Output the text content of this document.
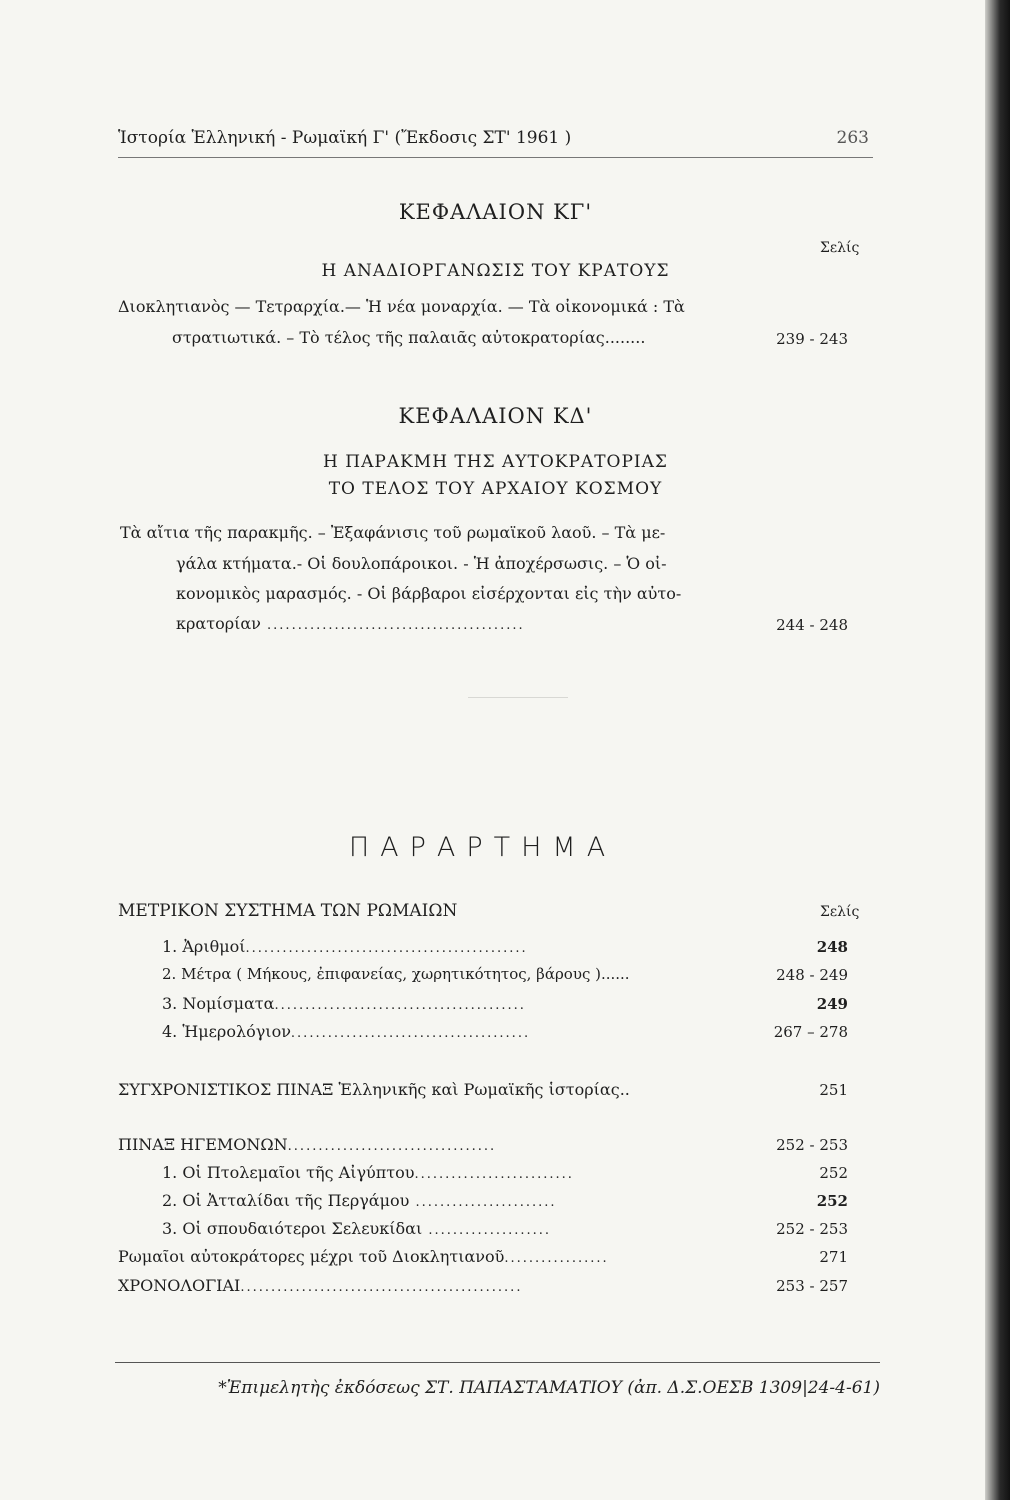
Ἱστορία Ἑλληνική - Ρωμαϊκή Γ' (Ἔκδοσις ΣΤ' 1961 )	263
ΚΕΦΑΛΑΙΟΝ ΚΓ'
Σελίς
Η ΑΝΑΔΙΟΡΓΑΝΩΣΙΣ ΤΟΥ ΚΡΑΤΟΥΣ
Διοκλητιανὸς — Τετραρχία.— Ἡ νέα μοναρχία. — Τὰ οἰκονομικά : Τὰ
στρατιωτικά. – Τὸ τέλος τῆς παλαιᾶς αὐτοκρατορίας........	239 - 243
ΚΕΦΑΛΑΙΟΝ ΚΔ'
Η ΠΑΡΑΚΜΗ ΤΗΣ ΑΥΤΟΚΡΑΤΟΡΙΑΣ
ΤΟ ΤΕΛΟΣ ΤΟΥ ΑΡΧΑΙΟΥ ΚΟΣΜΟΥ
Τὰ αἴτια τῆς παρακμῆς. – Ἐξαφάνισις τοῦ ρωμαϊκοῦ λαοῦ. – Τὰ με-
γάλα κτήματα.- Οἱ δουλοπάροικοι. - Ἡ ἀποχέρσωσις. – Ὁ οἰ-
κονομικὸς μαρασμός. - Οἱ βάρβαροι εἰσέρχονται εἰς τὴν αὐτο-
κρατορίαν ..........................................	244 - 248
ΠΑΡΑΡΤΗΜΑ
ΜΕΤΡΙΚΟΝ ΣΥΣΤΗΜΑ ΤΩΝ ΡΩΜΑΙΩΝ	Σελίς
1. Ἀριθμοί..............................................	248
2. Μέτρα ( Μήκους, ἐπιφανείας, χωρητικότητος, βάρους )......	248 - 249
3. Νομίσματα.........................................	249
4. Ἡμερολόγιον.......................................	267 – 278
ΣΥΓΧΡΟΝΙΣΤΙΚΟΣ ΠΙΝΑΞ Ἑλληνικῆς καὶ Ρωμαϊκῆς ἱστορίας..	251
ΠΙΝΑΞ ΗΓΕΜΟΝΩΝ..................................	252 - 253
1. Οἱ Πτολεμαῖοι τῆς Αἰγύπτου..........................	252
2. Οἱ Ἀτταλίδαι τῆς Περγάμου .......................	252
3. Οἱ σπουδαιότεροι Σελευκίδαι ....................	252 - 253
Ρωμαῖοι αὐτοκράτορες μέχρι τοῦ Διοκλητιανοῦ.................	271
ΧΡΟΝΟΛΟΓΙΑΙ..............................................	253 - 257
*Ἐπιμελητὴς ἐκδόσεως ΣΤ. ΠΑΠΑΣΤΑΜΑΤΙΟΥ (ἀπ. Δ.Σ.ΟΕΣΒ 1309|24-4-61)
